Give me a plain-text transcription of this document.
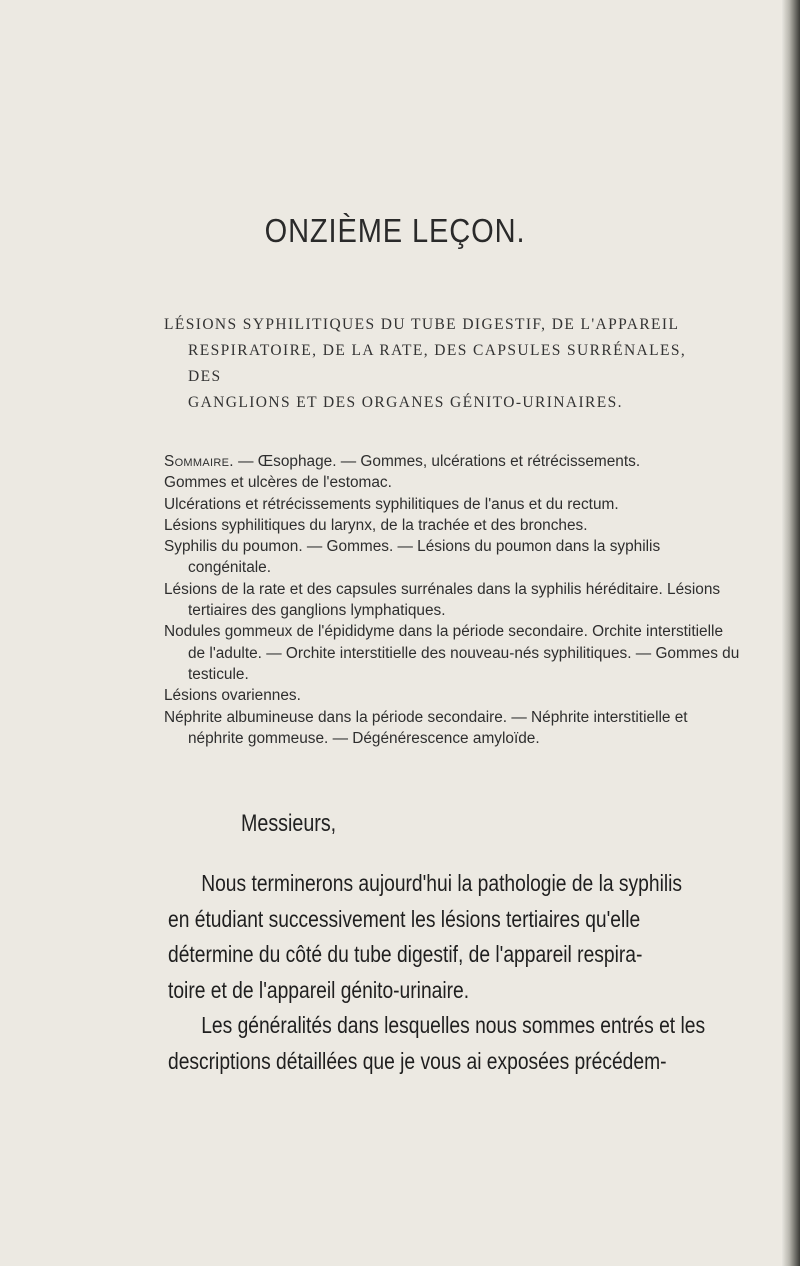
ONZIÈME LEÇON.
LÉSIONS SYPHILITIQUES DU TUBE DIGESTIF, DE L'APPAREIL

RESPIRATOIRE, DE LA RATE, DES CAPSULES SURRÉNALES, DES
GANGLIONS ET DES ORGANES GÉNITO-URINAIRES.

Sommaire. — Œsophage. — Gommes, ulcérations et rétrécissements.

Gommes et ulcères de l'estomac.

Ulcérations et rétrécissements syphilitiques de l'anus et du rectum.

Lésions syphilitiques du larynx, de la trachée et des bronches.

Syphilis du poumon. — Gommes. — Lésions du poumon dans la syphilis congénitale.

Lésions de la rate et des capsules surrénales dans la syphilis héréditaire. Lésions tertiaires des ganglions lymphatiques.

Nodules gommeux de l'épididyme dans la période secondaire. Orchite interstitielle de l'adulte. — Orchite interstitielle des nouveau-nés syphilitiques. — Gommes du testicule.

Lésions ovariennes.

Néphrite albumineuse dans la période secondaire. — Néphrite interstitielle et néphrite gommeuse. — Dégénérescence amyloïde.

Messieurs,
Nous terminerons aujourd'hui la pathologie de la syphilis
en étudiant successivement les lésions tertiaires qu'elle
détermine du côté du tube digestif, de l'appareil respira-
toire et de l'appareil génito-urinaire.
Les généralités dans lesquelles nous sommes entrés et les
descriptions détaillées que je vous ai exposées précédem-
